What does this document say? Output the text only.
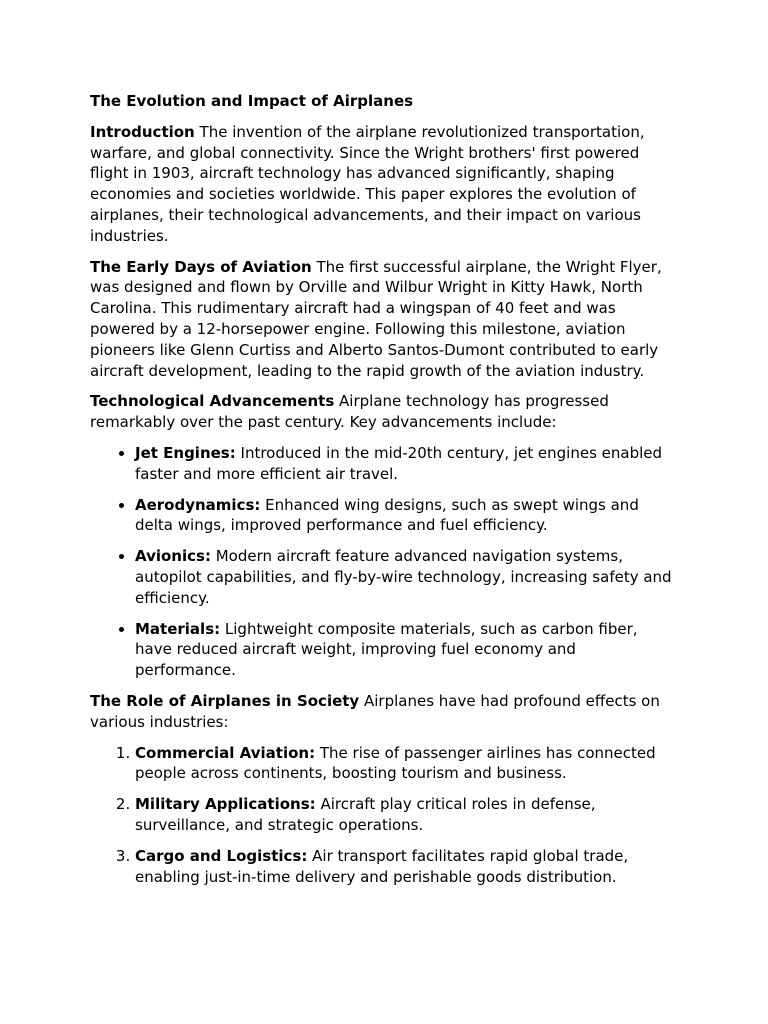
The Evolution and Impact of Airplanes

Introduction The invention of the airplane revolutionized transportation, warfare, and global connectivity. Since the Wright brothers' first powered flight in 1903, aircraft technology has advanced significantly, shaping economies and societies worldwide. This paper explores the evolution of airplanes, their technological advancements, and their impact on various industries.

The Early Days of Aviation The first successful airplane, the Wright Flyer, was designed and flown by Orville and Wilbur Wright in Kitty Hawk, North Carolina. This rudimentary aircraft had a wingspan of 40 feet and was powered by a 12-horsepower engine. Following this milestone, aviation pioneers like Glenn Curtiss and Alberto Santos-Dumont contributed to early aircraft development, leading to the rapid growth of the aviation industry.

Technological Advancements Airplane technology has progressed remarkably over the past century. Key advancements include:

• Jet Engines: Introduced in the mid-20th century, jet engines enabled faster and more efficient air travel.
• Aerodynamics: Enhanced wing designs, such as swept wings and delta wings, improved performance and fuel efficiency.
• Avionics: Modern aircraft feature advanced navigation systems, autopilot capabilities, and fly-by-wire technology, increasing safety and efficiency.
• Materials: Lightweight composite materials, such as carbon fiber, have reduced aircraft weight, improving fuel economy and performance.

The Role of Airplanes in Society Airplanes have had profound effects on various industries:

1. Commercial Aviation: The rise of passenger airlines has connected people across continents, boosting tourism and business.
2. Military Applications: Aircraft play critical roles in defense, surveillance, and strategic operations.
3. Cargo and Logistics: Air transport facilitates rapid global trade, enabling just-in-time delivery and perishable goods distribution.
